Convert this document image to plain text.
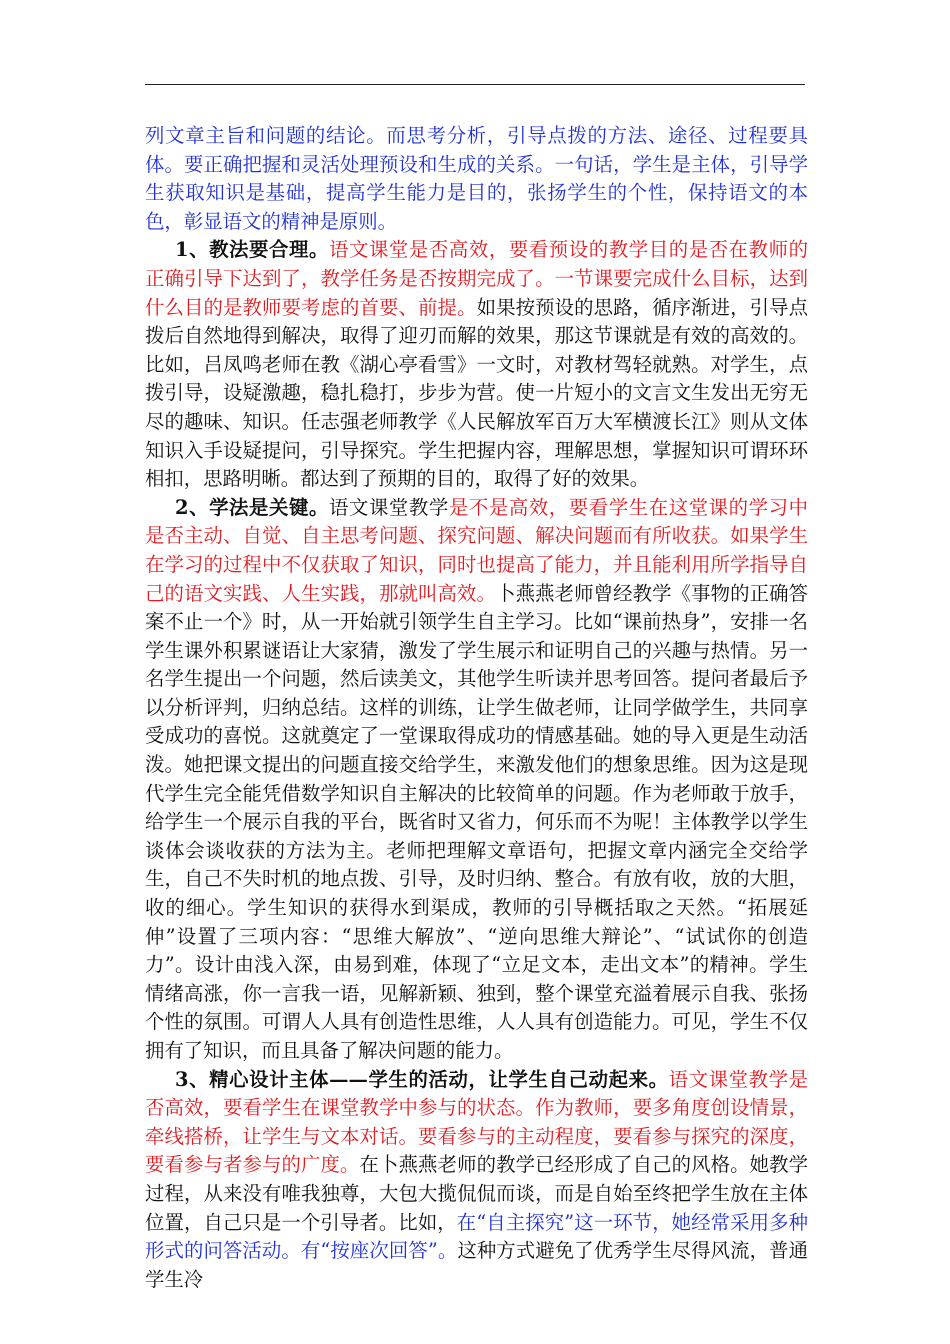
列文章主旨和问题的结论。而思考分析，引导点拨的方法、途径、过程要具体。要正确把握和灵活处理预设和生成的关系。一句话，学生是主体，引导学生获取知识是基础，提高学生能力是目的，张扬学生的个性，保持语文的本色，彰显语文的精神是原则。

1、教法要合理。语文课堂是否高效，要看预设的教学目的是否在教师的正确引导下达到了，教学任务是否按期完成了。一节课要完成什么目标，达到什么目的是教师要考虑的首要、前提。如果按预设的思路，循序渐进，引导点拨后自然地得到解决，取得了迎刃而解的效果，那这节课就是有效的高效的。比如，吕凤鸣老师在教《湖心亭看雪》一文时，对教材驾轻就熟。对学生，点拨引导，设疑激趣，稳扎稳打，步步为营。使一片短小的文言文生发出无穷无尽的趣味、知识。任志强老师教学《人民解放军百万大军横渡长江》则从文体知识入手设疑提问，引导探究。学生把握内容，理解思想，掌握知识可谓环环相扣，思路明晰。都达到了预期的目的，取得了好的效果。

2、学法是关键。语文课堂教学是不是高效，要看学生在这堂课的学习中是否主动、自觉、自主思考问题、探究问题、解决问题而有所收获。如果学生在学习的过程中不仅获取了知识，同时也提高了能力，并且能利用所学指导自己的语文实践、人生实践，那就叫高效。卜燕燕老师曾经教学《事物的正确答案不止一个》时，从一开始就引领学生自主学习。比如“课前热身”，安排一名学生课外积累谜语让大家猜，激发了学生展示和证明自己的兴趣与热情。另一名学生提出一个问题，然后读美文，其他学生听读并思考回答。提问者最后予以分析评判，归纳总结。这样的训练，让学生做老师，让同学做学生，共同享受成功的喜悦。这就奠定了一堂课取得成功的情感基础。她的导入更是生动活泼。她把课文提出的问题直接交给学生，来激发他们的想象思维。因为这是现代学生完全能凭借数学知识自主解决的比较简单的问题。作为老师敢于放手，给学生一个展示自我的平台，既省时又省力，何乐而不为呢！主体教学以学生谈体会谈收获的方法为主。老师把理解文章语句，把握文章内涵完全交给学生，自己不失时机的地点拨、引导，及时归纳、整合。有放有收，放的大胆，收的细心。学生知识的获得水到渠成，教师的引导概括取之天然。“拓展延伸”设置了三项内容：“思维大解放”、“逆向思维大辩论”、“试试你的创造力”。设计由浅入深，由易到难，体现了“立足文本，走出文本”的精神。学生情绪高涨，你一言我一语，见解新颖、独到，整个课堂充溢着展示自我、张扬个性的氛围。可谓人人具有创造性思维，人人具有创造能力。可见，学生不仅拥有了知识，而且具备了解决问题的能力。

3、精心设计主体——学生的活动，让学生自己动起来。语文课堂教学是否高效，要看学生在课堂教学中参与的状态。作为教师，要多角度创设情景，牵线搭桥，让学生与文本对话。要看参与的主动程度，要看参与探究的深度，要看参与者参与的广度。在卜燕燕老师的教学已经形成了自己的风格。她教学过程，从来没有唯我独尊，大包大揽侃侃而谈，而是自始至终把学生放在主体位置，自己只是一个引导者。比如，在“自主探究”这一环节，她经常采用多种形式的问答活动。有“按座次回答”。这种方式避免了优秀学生尽得风流，普通学生冷
